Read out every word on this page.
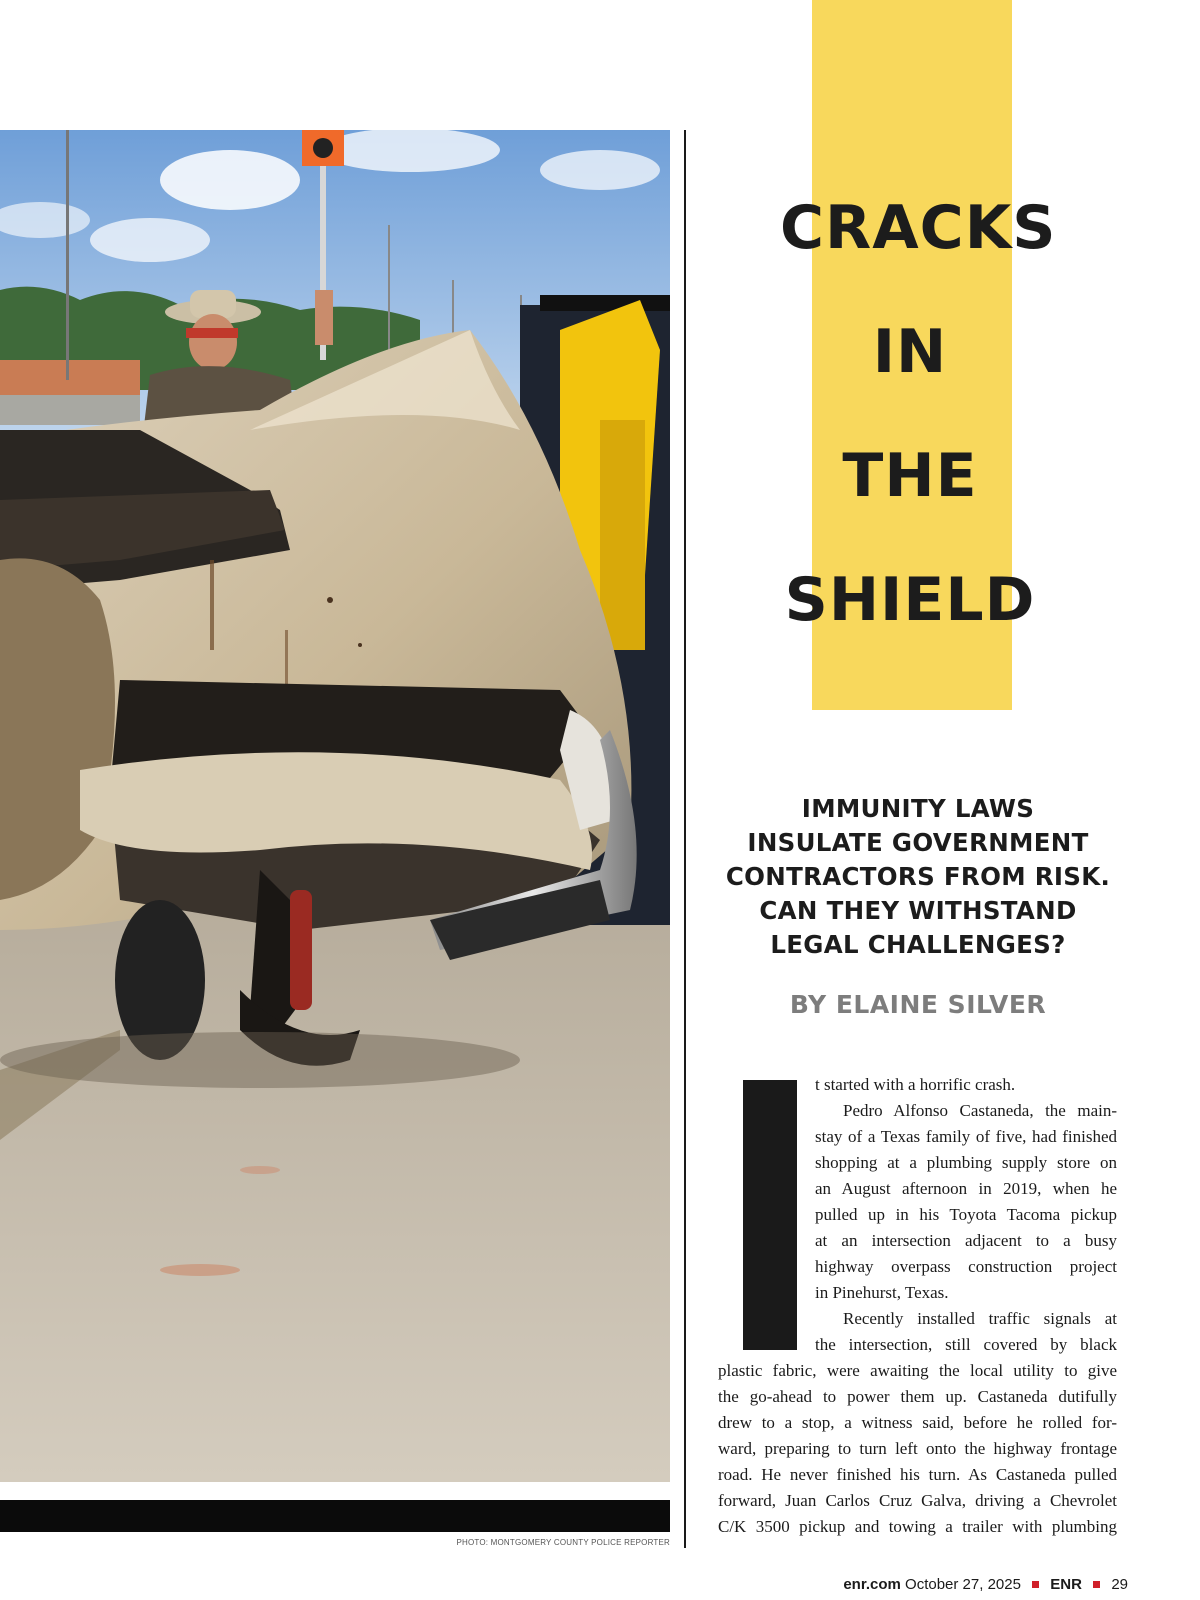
PHOTO: MONTGOMERY COUNTY POLICE REPORTER
CRACKS
IN
THE
SHIELD
IMMUNITY LAWS
INSULATE GOVERNMENT
CONTRACTORS FROM RISK.
CAN THEY WITHSTAND
LEGAL CHALLENGES?
BY ELAINE SILVER
t started with a horrific crash.
Pedro Alfonso Castaneda, the main-
stay of a Texas family of five, had finished
shopping at a plumbing supply store on
an August afternoon in 2019, when he
pulled up in his Toyota Tacoma pickup
at an intersection adjacent to a busy
highway overpass construction project
in Pinehurst, Texas.
Recently installed traffic signals at
the intersection, still covered by black
plastic fabric, were awaiting the local utility to give
the go-ahead to power them up. Castaneda dutifully
drew to a stop, a witness said, before he rolled for-
ward, preparing to turn left onto the highway frontage
road. He never finished his turn. As Castaneda pulled
forward, Juan Carlos Cruz Galva, driving a Chevrolet
C/K 3500 pickup and towing a trailer with plumbing
enr.com October 27, 2025 ENR 29
